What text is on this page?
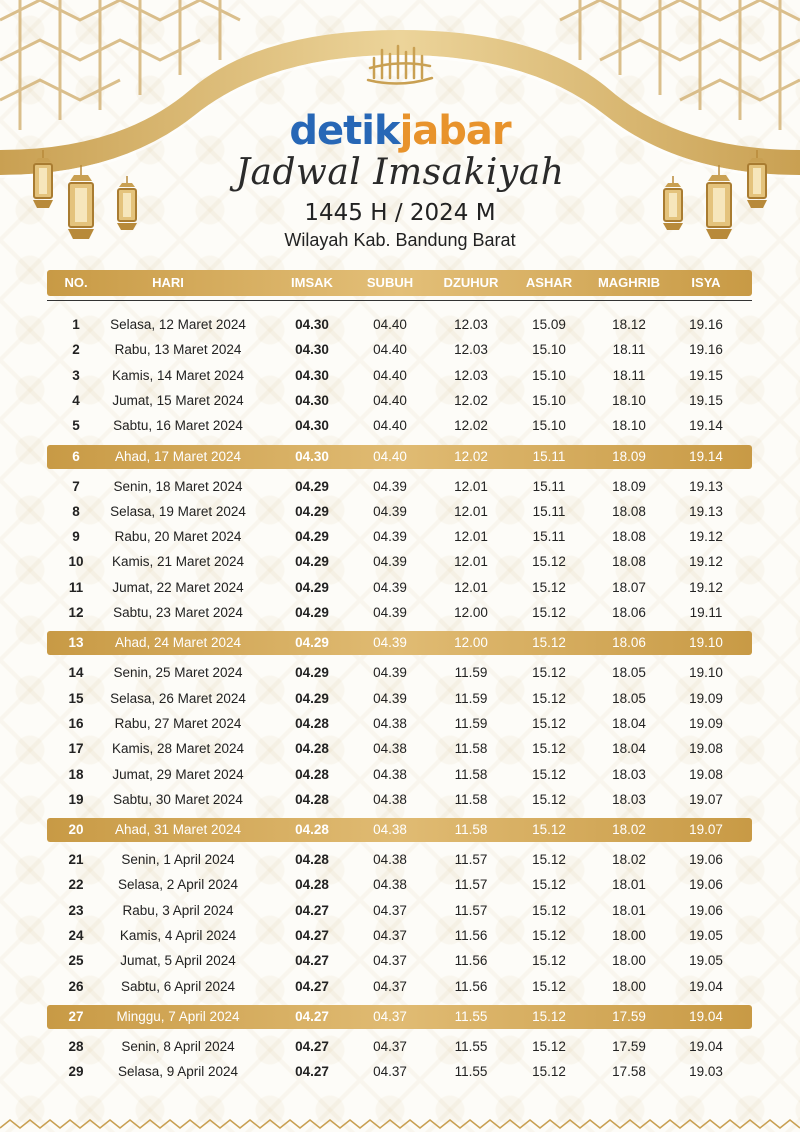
detikjabar
Jadwal Imsakiyah
1445 H / 2024 M
Wilayah Kab. Bandung Barat
NO.	HARI	IMSAK	SUBUH DZUHUR ASHAR MAGHRIB ISYA
1 Selasa, 12 Maret 2024	04.30	04.40	12.03	15.09	18.12	19.16
2	Rabu, 13 Maret 2024	04.30	04.40	12.03	15.10	18.11	19.16
3 Kamis, 14 Maret 2024	04.30	04.40	12.03	15.10	18.11	19.15
4 Jumat, 15 Maret 2024	04.30	04.40	12.02	15.10	18.10	19.15
5 Sabtu, 16 Maret 2024	04.30	04.40	12.02	15.10	18.10	19.14
6	Ahad, 17 Maret 2024	04.30	04.40	12.02	15.11	18.09	19.14
7 Senin, 18 Maret 2024	04.29	04.39	12.01	15.11	18.09	19.13
8 Selasa, 19 Maret 2024	04.29	04.39	12.01	15.11	18.08	19.13
9	Rabu, 20 Maret 2024	04.29	04.39	12.01	15.11	18.08	19.12
10 Kamis, 21 Maret 2024	04.29	04.39	12.01	15.12	18.08	19.12
11 Jumat, 22 Maret 2024	04.29	04.39	12.01	15.12	18.07	19.12
12 Sabtu, 23 Maret 2024	04.29	04.39	12.00	15.12	18.06	19.11
13 Ahad, 24 Maret 2024	04.29	04.39	12.00	15.12	18.06	19.10
14 Senin, 25 Maret 2024	04.29	04.39	11.59	15.12	18.05	19.10
15 Selasa, 26 Maret 2024	04.29	04.39	11.59	15.12	18.05	19.09
16 Rabu, 27 Maret 2024	04.28	04.38	11.59	15.12	18.04	19.09
17 Kamis, 28 Maret 2024	04.28	04.38	11.58	15.12	18.04	19.08
18 Jumat, 29 Maret 2024	04.28	04.38	11.58	15.12	18.03	19.08
19 Sabtu, 30 Maret 2024	04.28	04.38	11.58	15.12	18.03	19.07
20 Ahad, 31 Maret 2024	04.28	04.38	11.58	15.12	18.02	19.07
21	Senin, 1 April 2024	04.28	04.38	11.57	15.12	18.02	19.06
22	Selasa, 2 April 2024	04.28	04.38	11.57	15.12	18.01	19.06
23	Rabu, 3 April 2024	04.27	04.37	11.57	15.12	18.01	19.06
24	Kamis, 4 April 2024	04.27	04.37	11.56	15.12	18.00	19.05
25	Jumat, 5 April 2024	04.27	04.37	11.56	15.12	18.00	19.05
26	Sabtu, 6 April 2024	04.27	04.37	11.56	15.12	18.00	19.04
27 Minggu, 7 April 2024	04.27	04.37	11.55	15.12	17.59	19.04
28	Senin, 8 April 2024	04.27	04.37	11.55	15.12	17.59	19.04
29	Selasa, 9 April 2024	04.27	04.37	11.55	15.12	17.58	19.03
